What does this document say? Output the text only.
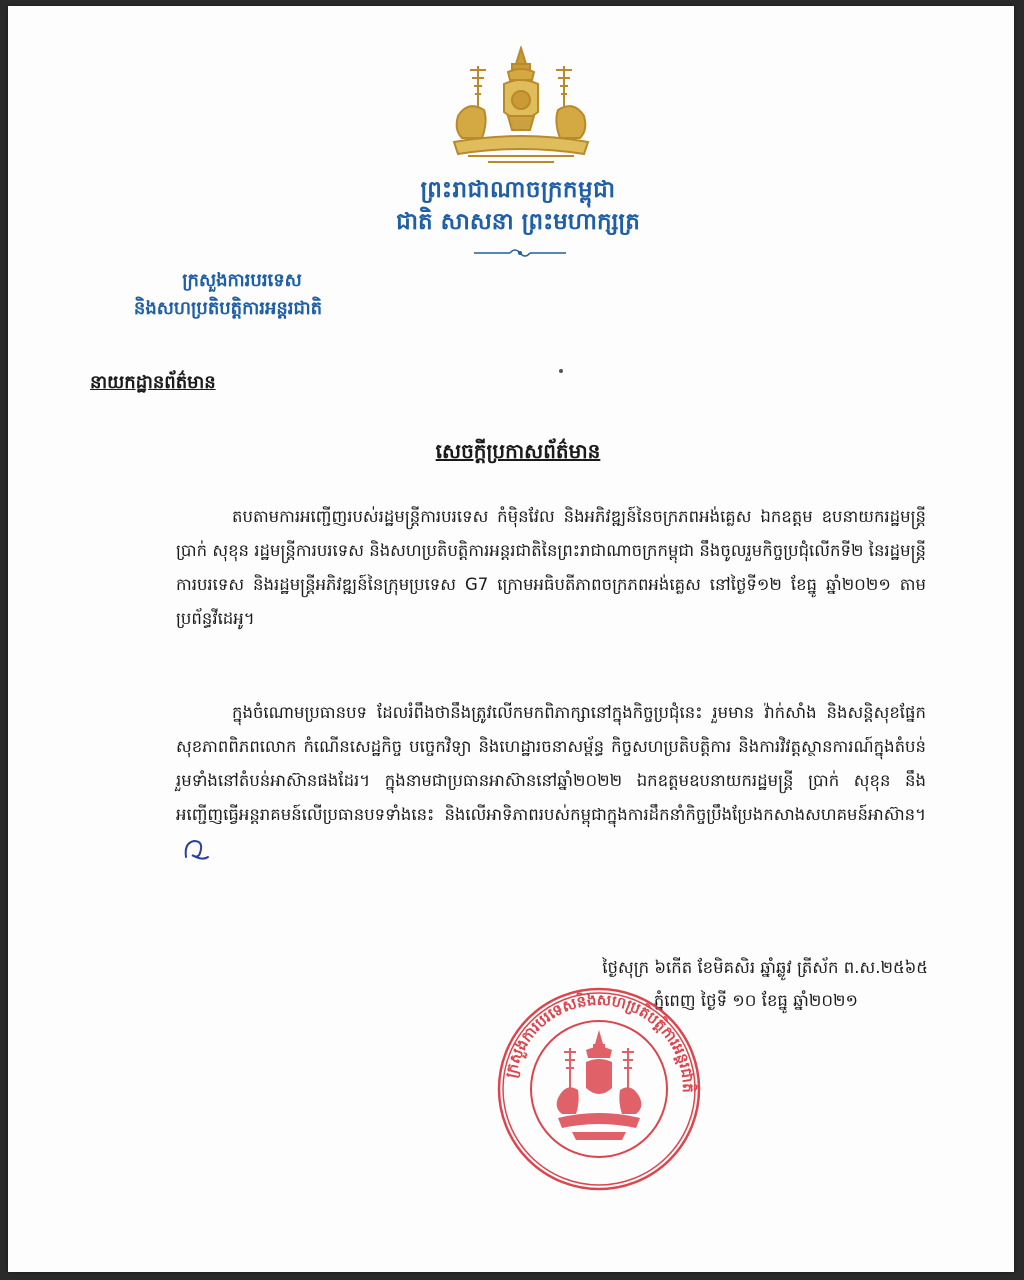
ព្រះរាជាណាចក្រកម្ពុជា
ជាតិ សាសនា ព្រះមហាក្សត្រ
ក្រសួងការបរទេស
និងសហប្រតិបត្តិការអន្តរជាតិ
នាយកដ្ឋានព័ត៌មាន
សេចក្តីប្រកាសព័ត៌មាន
តបតាមការអញ្ជើញរបស់រដ្ឋមន្ត្រីការបរទេស កំម៉ិនវែល និងអភិវឌ្ឍន៍នៃចក្រភពអង់គ្លេស ឯកឧត្តម ឧបនាយករដ្ឋមន្ត្រី ប្រាក់ សុខុន រដ្ឋមន្ត្រីការបរទេស និងសហប្រតិបត្តិការអន្តរជាតិនៃព្រះរាជាណាចក្រកម្ពុជា នឹងចូលរួមកិច្ចប្រជុំលើកទី២ នៃរដ្ឋមន្ត្រីការបរទេស និងរដ្ឋមន្ត្រីអភិវឌ្ឍន៍នៃក្រុមប្រទេស G7 ក្រោមអធិបតីភាពចក្រភពអង់គ្លេស នៅថ្ងៃទី១២ ខែធ្នូ ឆ្នាំ២០២១ តាមប្រព័ន្ធវីដេអូ។
ក្នុងចំណោមប្រធានបទ ដែលរំពឹងថានឹងត្រូវលើកមកពិភាក្សានៅក្នុងកិច្ចប្រជុំនេះ រួមមាន វ៉ាក់សាំង និងសន្តិសុខផ្នែកសុខភាពពិភពលោក កំណើនសេដ្ឋកិច្ច បច្ចេកវិទ្យា និងហេដ្ឋារចនាសម្ព័ន្ធ កិច្ចសហប្រតិបត្តិការ និងការវិវត្តស្ថានការណ៍ក្នុងតំបន់ រួមទាំងនៅតំបន់អាស៊ានផងដែរ។ ក្នុងនាមជាប្រធានអាស៊ាននៅឆ្នាំ២០២២ ឯកឧត្តមឧបនាយករដ្ឋមន្ត្រី ប្រាក់ សុខុន នឹងអញ្ជើញធ្វើអន្តរាគមន៍លើប្រធានបទទាំងនេះ និងលើអាទិភាពរបស់កម្ពុជាក្នុងការដឹកនាំកិច្ចប្រឹងប្រែងកសាងសហគមន៍អាស៊ាន។
ថ្ងៃសុក្រ ៦កើត ខែមិគសិរ ឆ្នាំឆ្លូវ ត្រីស័ក ព.ស.២៥៦៥
ភ្នំពេញ ថ្ងៃទី ១០ ខែធ្នូ ឆ្នាំ២០២១
ក្រសួងការបរទេសនិងសហប្រតិបត្តិការអន្តរជាតិ
